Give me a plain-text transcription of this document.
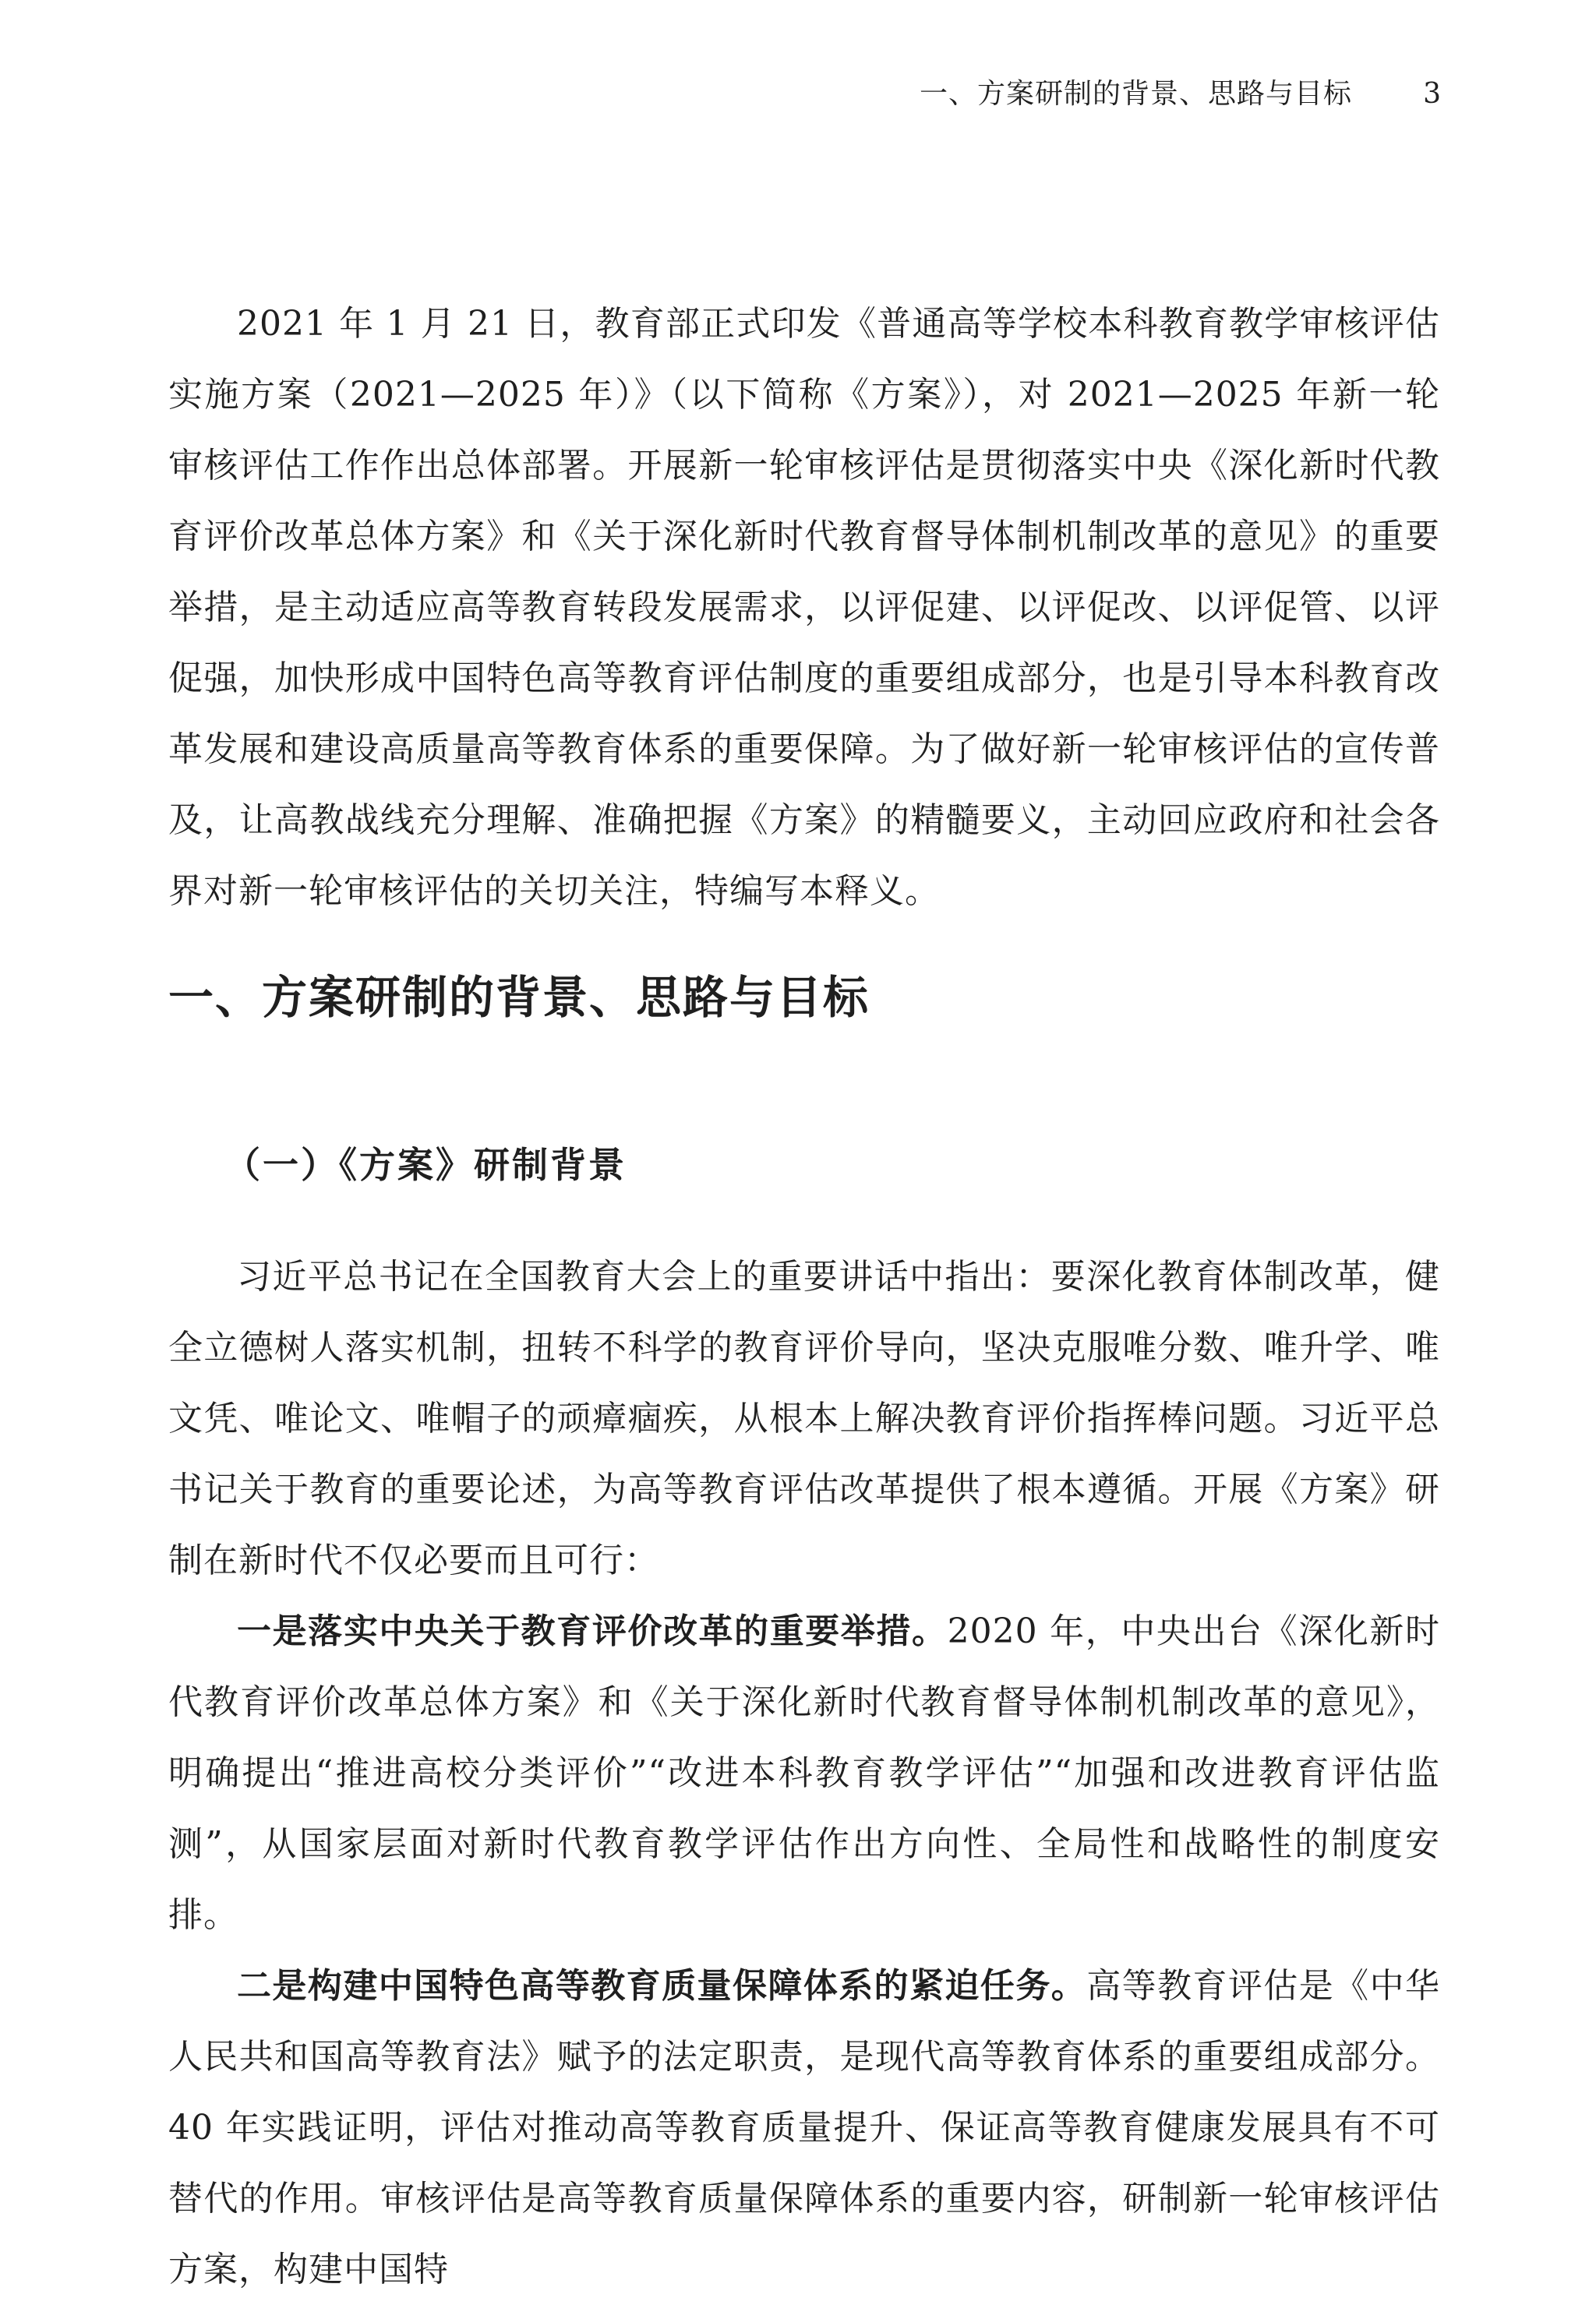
一、方案研制的背景、思路与目标	3

2021 年 1 月 21 日，教育部正式印发《普通高等学校本科教育教学审核评估实施方案（2021—2025 年）》（以下简称《方案》），对 2021—2025 年新一轮审核评估工作作出总体部署。开展新一轮审核评估是贯彻落实中央《深化新时代教育评价改革总体方案》和《关于深化新时代教育督导体制机制改革的意见》的重要举措，是主动适应高等教育转段发展需求，以评促建、以评促改、以评促管、以评促强，加快形成中国特色高等教育评估制度的重要组成部分，也是引导本科教育改革发展和建设高质量高等教育体系的重要保障。为了做好新一轮审核评估的宣传普及，让高教战线充分理解、准确把握《方案》的精髓要义，主动回应政府和社会各界对新一轮审核评估的关切关注，特编写本释义。

一、方案研制的背景、思路与目标
（一）《方案》研制背景

习近平总书记在全国教育大会上的重要讲话中指出：要深化教育体制改革，健全立德树人落实机制，扭转不科学的教育评价导向，坚决克服唯分数、唯升学、唯文凭、唯论文、唯帽子的顽瘴痼疾，从根本上解决教育评价指挥棒问题。习近平总书记关于教育的重要论述，为高等教育评估改革提供了根本遵循。开展《方案》研制在新时代不仅必要而且可行：

一是落实中央关于教育评价改革的重要举措。2020 年，中央出台《深化新时代教育评价改革总体方案》和《关于深化新时代教育督导体制机制改革的意见》，明确提出“推进高校分类评价”“改进本科教育教学评估”“加强和改进教育评估监测”，从国家层面对新时代教育教学评估作出方向性、全局性和战略性的制度安排。

二是构建中国特色高等教育质量保障体系的紧迫任务。高等教育评估是《中华人民共和国高等教育法》赋予的法定职责，是现代高等教育体系的重要组成部分。40 年实践证明，评估对推动高等教育质量提升、保证高等教育健康发展具有不可替代的作用。审核评估是高等教育质量保障体系的重要内容，研制新一轮审核评估方案，构建中国特
